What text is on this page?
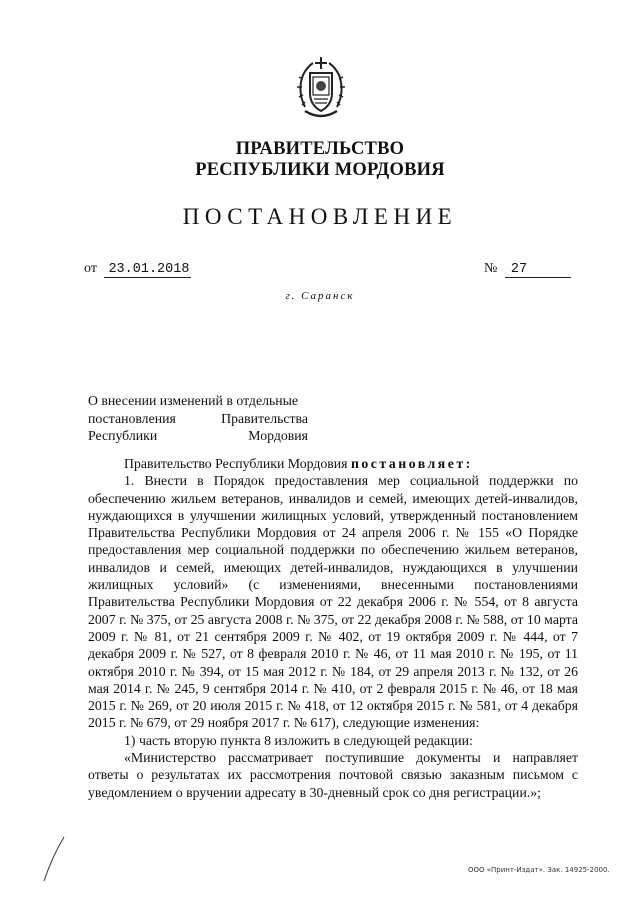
ПРАВИТЕЛЬСТВО
РЕСПУБЛИКИ МОРДОВИЯ
ПОСТАНОВЛЕНИЕ
от 23.01.2018	№ 27
г. Саранск
О внесении изменений в отдельные
постановления Правительства
Республики Мордовия

Правительство Республики Мордовия постановляет:

1. Внести в Порядок предоставления мер социальной поддержки по обеспечению жильем ветеранов, инвалидов и семей, имеющих детей-инвалидов, нуждающихся в улучшении жилищных условий, утвержденный постановлением Правительства Республики Мордовия от 24 апреля 2006 г. № 155 «О Порядке предоставления мер социальной поддержки по обеспечению жильем ветеранов, инвалидов и семей, имеющих детей-инвалидов, нуждающихся в улучшении жилищных условий» (с изменениями, внесенными постановлениями Правительства Республики Мордовия от 22 декабря 2006 г. № 554, от 8 августа 2007 г. № 375, от 25 августа 2008 г. № 375, от 22 декабря 2008 г. № 588, от 10 марта 2009 г. № 81, от 21 сентября 2009 г. № 402, от 19 октября 2009 г. № 444, от 7 декабря 2009 г. № 527, от 8 февраля 2010 г. № 46, от 11 мая 2010 г. № 195, от 11 октября 2010 г. № 394, от 15 мая 2012 г. № 184, от 29 апреля 2013 г. № 132, от 26 мая 2014 г. № 245, 9 сентября 2014 г. № 410, от 2 февраля 2015 г. № 46, от 18 мая 2015 г. № 269, от 20 июля 2015 г. № 418, от 12 октября 2015 г. № 581, от 4 декабря 2015 г. № 679, от 29 ноября 2017 г. № 617), следующие изменения:

1) часть вторую пункта 8 изложить в следующей редакции:

«Министерство рассматривает поступившие документы и направляет ответы о результатах их рассмотрения почтовой связью заказным письмом с уведомлением о вручении адресату в 30-дневный срок со дня регистрации.»;

ООО «Принт-Издат». Зак. 14925-2000.
